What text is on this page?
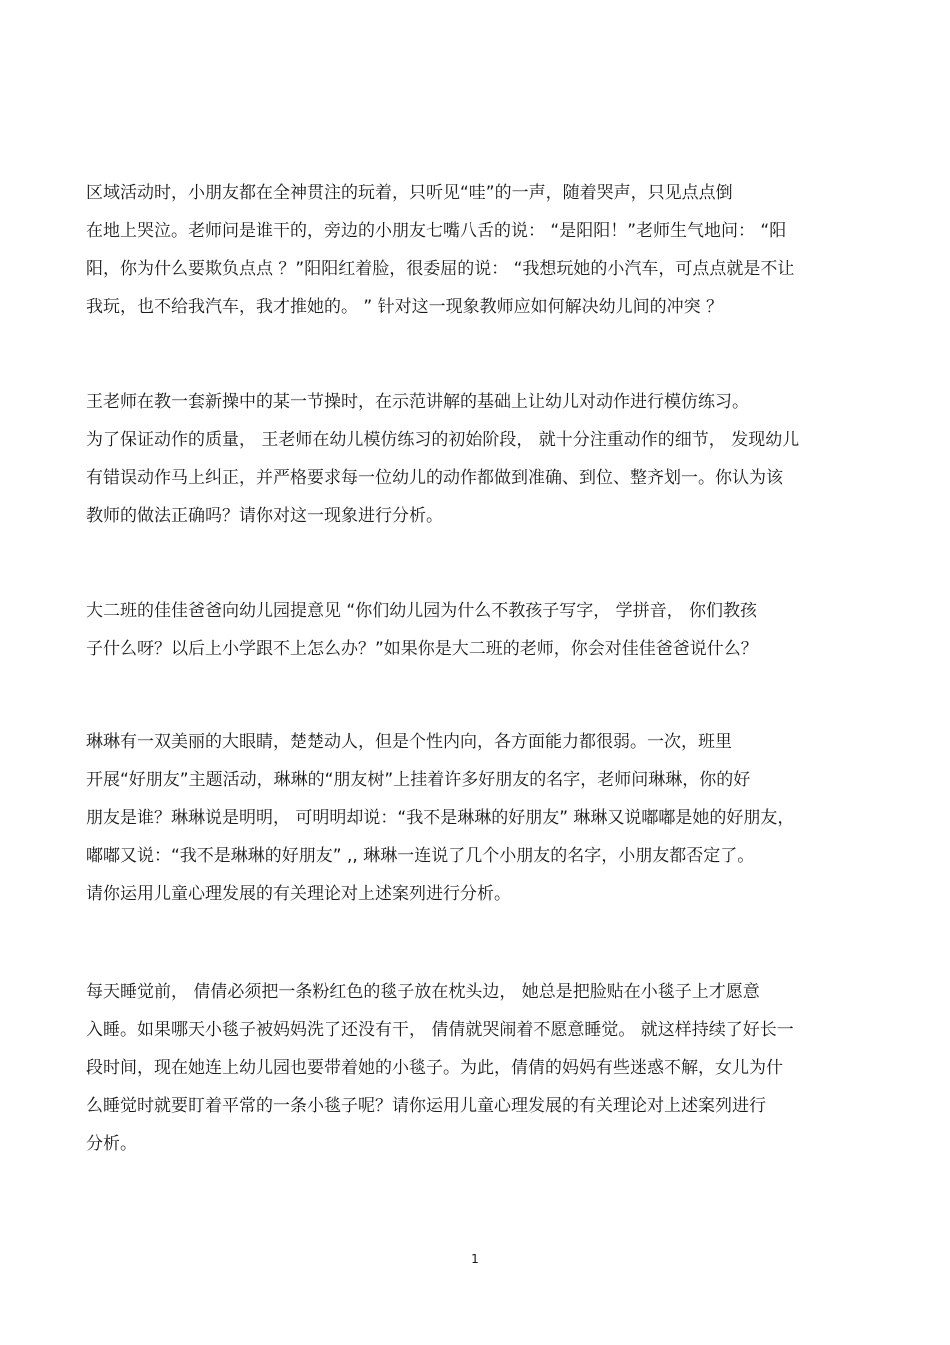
区域活动时，小朋友都在全神贯注的玩着，只听见“哇”的一声，随着哭声，只见点点倒
在地上哭泣。老师问是谁干的，旁边的小朋友七嘴八舌的说： “是阳阳！”老师生气地问： “阳
阳，你为什么要欺负点点 ？”阳阳红着脸，很委屈的说： “我想玩她的小汽车，可点点就是不让
我玩，也不给我汽车，我才推她的。 ” 针对这一现象教师应如何解决幼儿间的冲突 ？
王老师在教一套新操中的某一节操时，在示范讲解的基础上让幼儿对动作进行模仿练习。
为了保证动作的质量， 王老师在幼儿模仿练习的初始阶段， 就十分注重动作的细节， 发现幼儿
有错误动作马上纠正，并严格要求每一位幼儿的动作都做到准确、到位、整齐划一。你认为该
教师的做法正确吗？请你对这一现象进行分析。
大二班的佳佳爸爸向幼儿园提意见 “你们幼儿园为什么不教孩子写字， 学拼音， 你们教孩
子什么呀？以后上小学跟不上怎么办？”如果你是大二班的老师，你会对佳佳爸爸说什么？
琳琳有一双美丽的大眼睛，楚楚动人，但是个性内向，各方面能力都很弱。一次，班里
开展“好朋友”主题活动，琳琳的“朋友树”上挂着许多好朋友的名字，老师问琳琳，你的好
朋友是谁？琳琳说是明明， 可明明却说：“我不是琳琳的好朋友” 琳琳又说嘟嘟是她的好朋友，
嘟嘟又说：“我不是琳琳的好朋友” ,, 琳琳一连说了几个小朋友的名字，小朋友都否定了。
请你运用儿童心理发展的有关理论对上述案列进行分析。
每天睡觉前， 倩倩必须把一条粉红色的毯子放在枕头边， 她总是把脸贴在小毯子上才愿意
入睡。如果哪天小毯子被妈妈洗了还没有干， 倩倩就哭闹着不愿意睡觉。 就这样持续了好长一
段时间，现在她连上幼儿园也要带着她的小毯子。为此，倩倩的妈妈有些迷惑不解，女儿为什
么睡觉时就要盯着平常的一条小毯子呢？请你运用儿童心理发展的有关理论对上述案列进行
分析。
1
